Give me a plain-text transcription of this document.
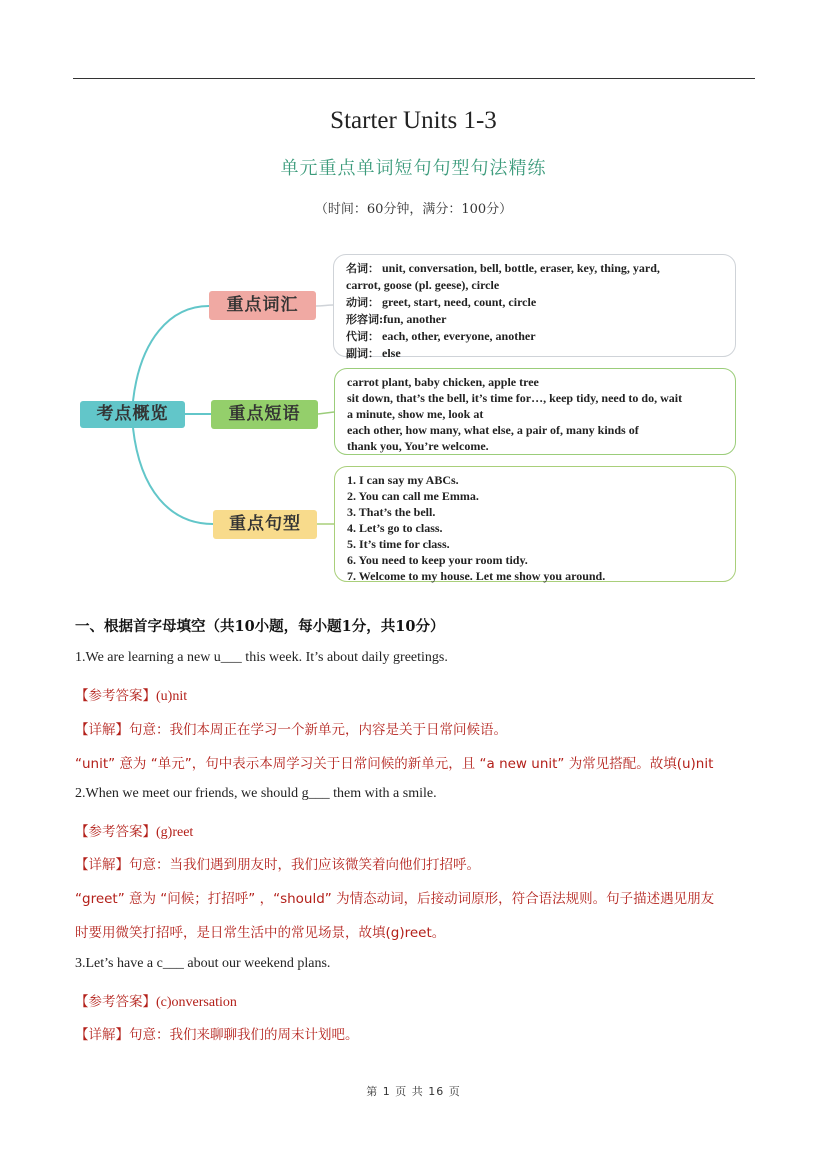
Starter Units 1-3
单元重点单词短句句型句法精练
（时间：60分钟，满分：100分）
考点概览
重点词汇
重点短语
重点句型
名词： unit, conversation, bell, bottle, eraser, key, thing, yard,
carrot, goose (pl. geese), circle
动词： greet, start, need, count, circle
形容词:fun, another
代词： each, other, everyone, another
副词： else
carrot plant, baby chicken, apple tree
sit down, that’s the bell, it’s time for…, keep tidy, need to do, wait
a minute, show me, look at
each other, how many, what else, a pair of, many kinds of
thank you, You’re welcome.
1. I can say my ABCs.
2. You can call me Emma.
3. That’s the bell.
4. Let’s go to class.
5. It’s time for class.
6. You need to keep your room tidy.
7. Welcome to my house. Let me show you around.
一、根据首字母填空（共10小题，每小题1分，共10分）
1.We are learning a new u___ this week. It’s about daily greetings.
【参考答案】(u)nit
【详解】句意：我们本周正在学习一个新单元，内容是关于日常问候语。
“unit” 意为 “单元”，句中表示本周学习关于日常问候的新单元，且 “a new unit” 为常见搭配。故填(u)nit
2.When we meet our friends, we should g___ them with a smile.
【参考答案】(g)reet
【详解】句意：当我们遇到朋友时，我们应该微笑着向他们打招呼。
“greet” 意为 “问候；打招呼” ，“should” 为情态动词，后接动词原形，符合语法规则。句子描述遇见朋友
时要用微笑打招呼，是日常生活中的常见场景，故填(g)reet。
3.Let’s have a c___ about our weekend plans.
【参考答案】(c)onversation
【详解】句意：我们来聊聊我们的周末计划吧。
第 1 页 共 16 页
